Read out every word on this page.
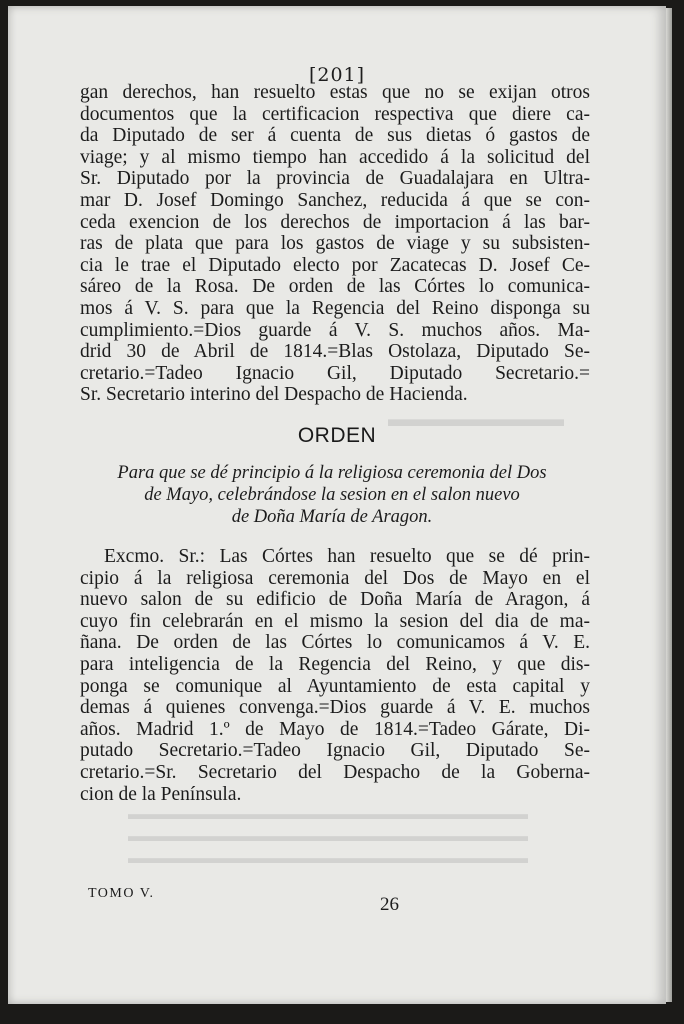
▬▬▬▬▬▬▬▬
▬▬▬▬▬▬▬▬▬▬▬▬▬▬▬▬▬▬▬▬▬▬▬▬▬
▬▬▬▬▬▬▬▬▬▬▬▬▬▬▬▬▬▬▬▬▬▬▬▬▬
▬▬▬▬▬▬▬▬▬▬▬▬▬▬▬▬▬▬▬▬▬▬▬▬▬
[201]
gan derechos, han resuelto estas que no se exijan otros
documentos que la certificacion respectiva que diere ca-
da Diputado de ser á cuenta de sus dietas ó gastos de
viage; y al mismo tiempo han accedido á la solicitud del
Sr. Diputado por la provincia de Guadalajara en Ultra-
mar D. Josef Domingo Sanchez, reducida á que se con-
ceda exencion de los derechos de importacion á las bar-
ras de plata que para los gastos de viage y su subsisten-
cia le trae el Diputado electo por Zacatecas D. Josef Ce-
sáreo de la Rosa. De orden de las Córtes lo comunica-
mos á V. S. para que la Regencia del Reino disponga su
cumplimiento.=Dios guarde á V. S. muchos años. Ma-
drid 30 de Abril de 1814.=Blas Ostolaza, Diputado Se-
cretario.=Tadeo Ignacio Gil, Diputado Secretario.=
Sr. Secretario interino del Despacho de Hacienda.
ORDEN
Para que se dé principio á la religiosa ceremonia del Dos
de Mayo, celebrándose la sesion en el salon nuevo
de Doña María de Aragon.
Excmo. Sr.: Las Córtes han resuelto que se dé prin-
cipio á la religiosa ceremonia del Dos de Mayo en el
nuevo salon de su edificio de Doña María de Aragon, á
cuyo fin celebrarán en el mismo la sesion del dia de ma-
ñana. De orden de las Córtes lo comunicamos á V. E.
para inteligencia de la Regencia del Reino, y que dis-
ponga se comunique al Ayuntamiento de esta capital y
demas á quienes convenga.=Dios guarde á V. E. muchos
años. Madrid 1.º de Mayo de 1814.=Tadeo Gárate, Di-
putado Secretario.=Tadeo Ignacio Gil, Diputado Se-
cretario.=Sr. Secretario del Despacho de la Goberna-
cion de la Península.
TOMO V.
26
